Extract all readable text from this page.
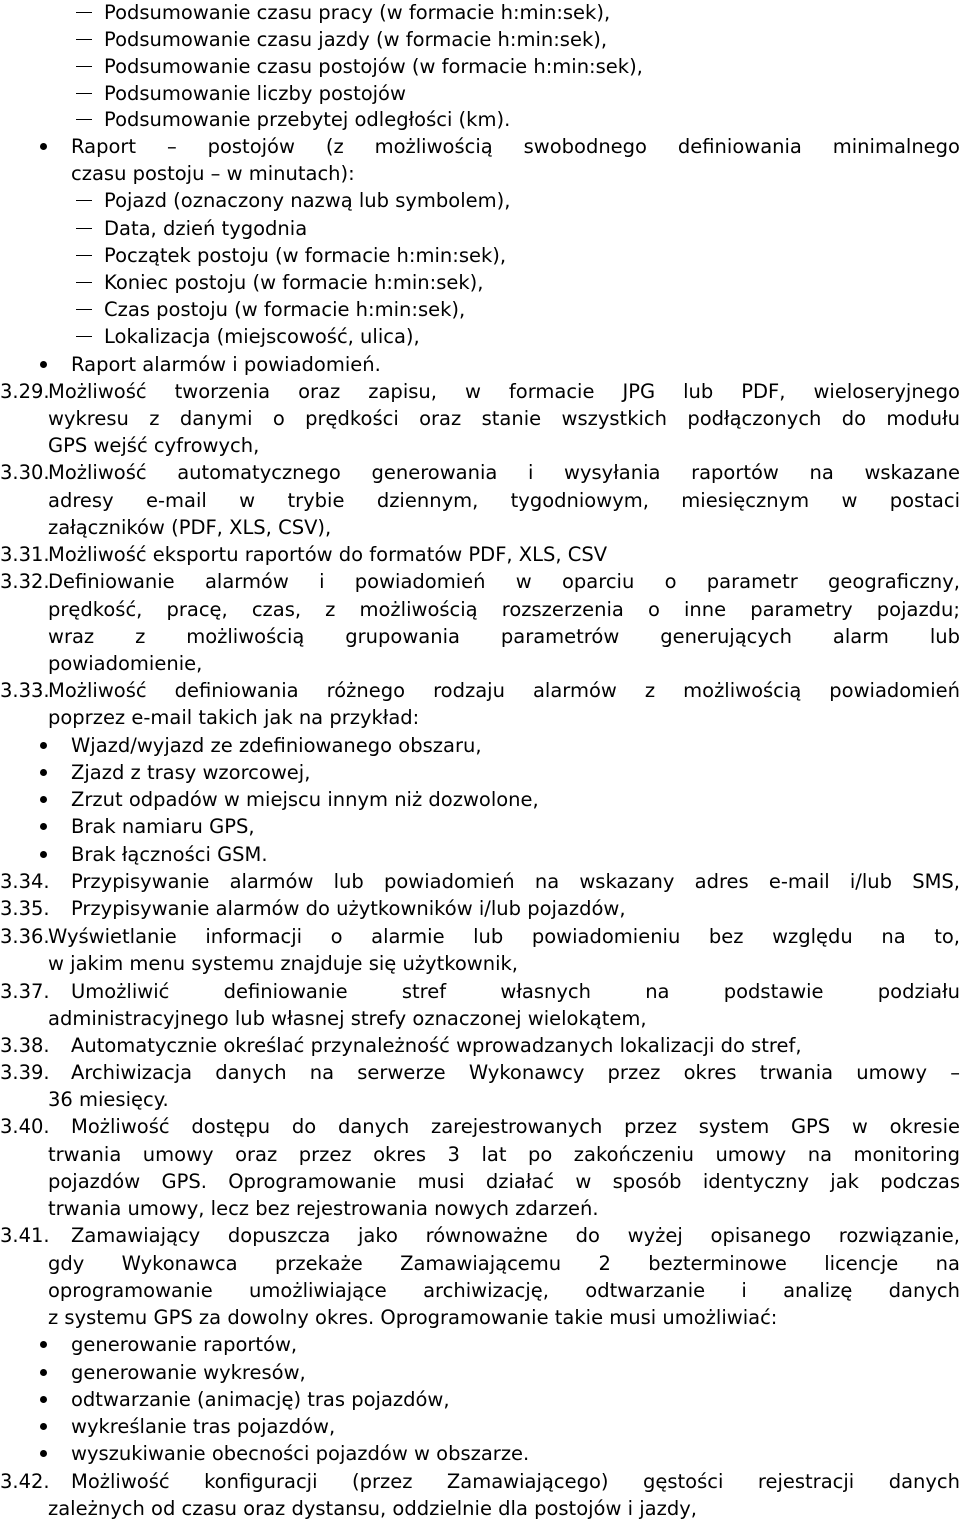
Podsumowanie czasu pracy (w formacie h:min:sek),
Podsumowanie czasu jazdy (w formacie h:min:sek),
Podsumowanie czasu postojów (w formacie h:min:sek),
Podsumowanie liczby postojów
Podsumowanie przebytej odległości (km).
Raport – postojów (z możliwością swobodnego definiowania minimalnego
czasu postoju – w minutach):
Pojazd (oznaczony nazwą lub symbolem),
Data, dzień tygodnia
Początek postoju (w formacie h:min:sek),
Koniec postoju (w formacie h:min:sek),
Czas postoju (w formacie h:min:sek),
Lokalizacja (miejscowość, ulica),
Raport alarmów i powiadomień.
3.29.
Możliwość tworzenia oraz zapisu, w formacie JPG lub PDF, wieloseryjnego
wykresu z danymi o prędkości oraz stanie wszystkich podłączonych do modułu
GPS wejść cyfrowych,
3.30.
Możliwość automatycznego generowania i wysyłania raportów na wskazane
adresy e-mail w trybie dziennym, tygodniowym, miesięcznym w postaci
załączników (PDF, XLS, CSV),
3.31.
Możliwość eksportu raportów do formatów PDF, XLS, CSV
3.32.
Definiowanie alarmów i powiadomień w oparciu o parametr geograficzny,
prędkość, pracę, czas, z możliwością rozszerzenia o inne parametry pojazdu;
wraz z możliwością grupowania parametrów generujących alarm lub
powiadomienie,
3.33.
Możliwość definiowania różnego rodzaju alarmów z możliwością powiadomień
poprzez e-mail takich jak na przykład:
Wjazd/wyjazd ze zdefiniowanego obszaru,
Zjazd z trasy wzorcowej,
Zrzut odpadów w miejscu innym niż dozwolone,
Brak namiaru GPS,
Brak łączności GSM.
3.34. Przypisywanie alarmów lub powiadomień na wskazany adres e-mail i/lub SMS,
3.35. Przypisywanie alarmów do użytkowników i/lub pojazdów,
3.36.
Wyświetlanie informacji o alarmie lub powiadomieniu bez względu na to,
w jakim menu systemu znajduje się użytkownik,
3.37. Umożliwić definiowanie stref własnych na podstawie podziału
administracyjnego lub własnej strefy oznaczonej wielokątem,
3.38. Automatycznie określać przynależność wprowadzanych lokalizacji do stref,
3.39. Archiwizacja danych na serwerze Wykonawcy przez okres trwania umowy –
36 miesięcy.
3.40. Możliwość dostępu do danych zarejestrowanych przez system GPS w okresie
trwania umowy oraz przez okres 3 lat po zakończeniu umowy na monitoring
pojazdów GPS. Oprogramowanie musi działać w sposób identyczny jak podczas
trwania umowy, lecz bez rejestrowania nowych zdarzeń.
3.41. Zamawiający dopuszcza jako równoważne do wyżej opisanego rozwiązanie,
gdy Wykonawca przekaże Zamawiającemu 2 bezterminowe licencje na
oprogramowanie umożliwiające archiwizację, odtwarzanie i analizę danych
z systemu GPS za dowolny okres. Oprogramowanie takie musi umożliwiać:
generowanie raportów,
generowanie wykresów,
odtwarzanie (animację) tras pojazdów,
wykreślanie tras pojazdów,
wyszukiwanie obecności pojazdów w obszarze.
3.42. Możliwość konfiguracji (przez Zamawiającego) gęstości rejestracji danych
zależnych od czasu oraz dystansu, oddzielnie dla postojów i jazdy,
